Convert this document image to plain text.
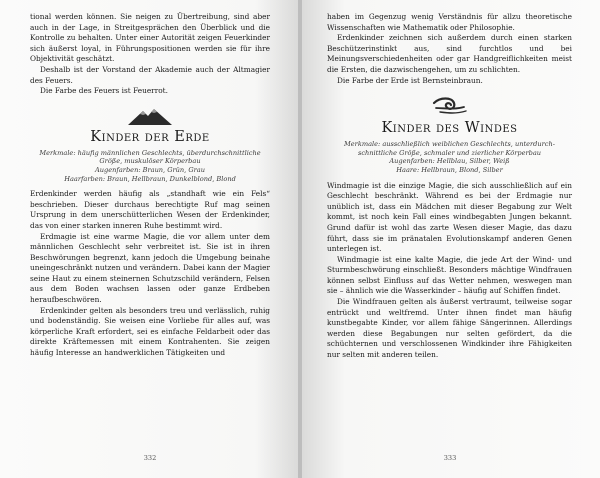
tional werden können. Sie neigen zu Übertreibung, sind aber auch in der Lage, in Streitgesprächen den Überblick und die Kontrolle zu behalten. Unter einer Autorität zeigen Feuerkinder sich äußerst loyal, in Führungspositionen werden sie für ihre Objektivität geschätzt.

Deshalb ist der Vorstand der Akademie auch der Altmagier des Feuers.

Die Farbe des Feuers ist Feuerrot.

Kinder der Erde
Merkmale: häufig männlichen Geschlechts, überdurchschnittliche
Größe, muskulöser Körperbau
Augenfarben: Braun, Grün, Grau
Haarfarben: Braun, Hellbraun, Dunkelblond, Blond

Erdenkinder werden häufig als „standhaft wie ein Fels“ beschrieben. Dieser durchaus berechtigte Ruf mag seinen Ursprung in dem unerschütterlichen Wesen der Erdenkinder, das von einer starken inneren Ruhe bestimmt wird.

Erdmagie ist eine warme Magie, die vor allem unter dem männlichen Geschlecht sehr verbreitet ist. Sie ist in ihren Beschwörungen begrenzt, kann jedoch die Umgebung beinahe uneingeschränkt nutzen und verändern. Dabei kann der Magier seine Haut zu einem steinernen Schutzschild verändern, Felsen aus dem Boden wachsen lassen oder ganze Erdbeben heraufbeschwören.

Erdenkinder gelten als besonders treu und verlässlich, ruhig und bodenständig. Sie weisen eine Vorliebe für alles auf, was körperliche Kraft erfordert, sei es einfache Feldarbeit oder das direkte Kräftemessen mit einem Kontrahenten. Sie zeigen häufig Interesse an handwerklichen Tätigkeiten und

332

haben im Gegenzug wenig Verständnis für allzu theoretische Wissenschaften wie Mathematik oder Philosophie.

Erdenkinder zeichnen sich außerdem durch einen starken Beschützerinstinkt aus, sind furchtlos und bei Meinungsverschiedenheiten oder gar Handgreiflichkeiten meist die Ersten, die dazwischengehen, um zu schlichten.

Die Farbe der Erde ist Bernsteinbraun.

Kinder des Windes
Merkmale: ausschließlich weiblichen Geschlechts, unterdurch-
schnittliche Größe, schmaler und zierlicher Körperbau
Augenfarben: Hellblau, Silber, Weiß
Haare: Hellbraun, Blond, Silber

Windmagie ist die einzige Magie, die sich ausschließlich auf ein Geschlecht beschränkt. Während es bei der Erdmagie nur unüblich ist, dass ein Mädchen mit dieser Begabung zur Welt kommt, ist noch kein Fall eines windbegabten Jungen bekannt. Grund dafür ist wohl das zarte Wesen dieser Magie, das dazu führt, dass sie im pränatalen Evolutionskampf anderen Genen unterlegen ist.

Windmagie ist eine kalte Magie, die jede Art der Wind- und Sturmbeschwörung einschließt. Besonders mächtige Windfrauen können selbst Einfluss auf das Wetter nehmen, weswegen man sie – ähnlich wie die Wasserkinder – häufig auf Schiffen findet.

Die Windfrauen gelten als äußerst vertraumt, teilweise sogar entrückt und weltfremd. Unter ihnen findet man häufig kunstbegabte Kinder, vor allem fähige Sängerinnen. Allerdings werden diese Begabungen nur selten gefördert, da die schüchternen und verschlossenen Windkinder ihre Fähigkeiten nur selten mit anderen teilen.

333
